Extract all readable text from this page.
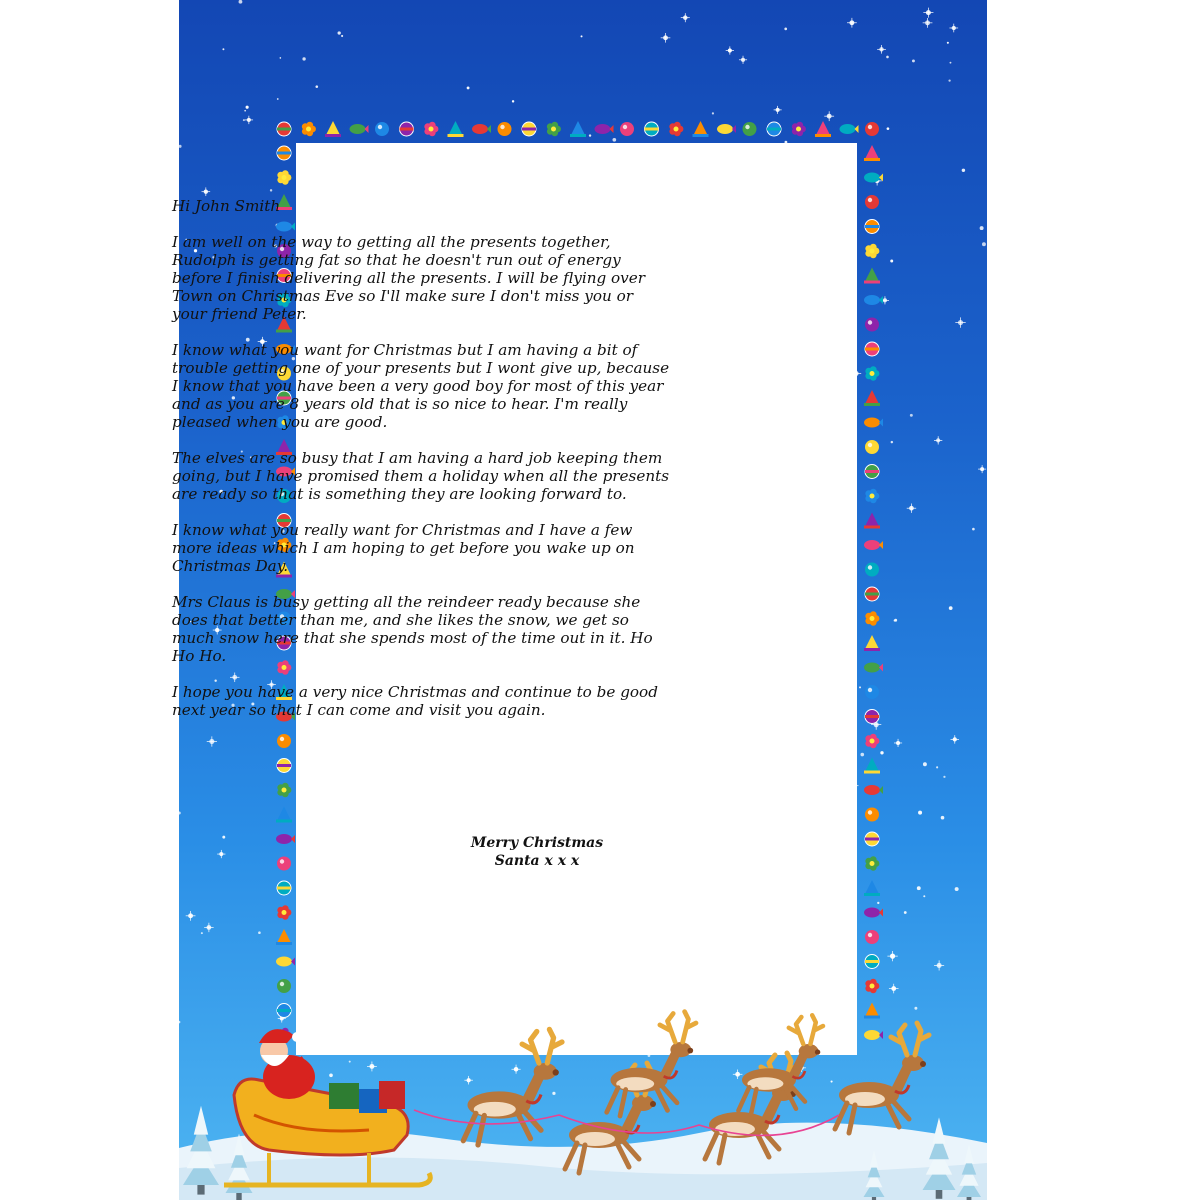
Hi John Smith

I am well on the way to getting all the presents together, Rudolph is getting fat so that he doesn't run out of energy before I finish delivering all the presents. I will be flying over Town on Christmas Eve so I'll make sure I don't miss you or your friend Peter.

I know what you want for Christmas but I am having a bit of trouble getting one of your presents but I wont give up, because I know that you have been a very good boy for most of this year and as you are 8 years old that is so nice to hear. I'm really pleased when you are good.

The elves are so busy that I am having a hard job keeping them going, but I have promised them a holiday when all the presents are ready so that is something they are looking forward to.

I know what you really want for Christmas and I have a few more ideas which I am hoping to get before you wake up on Christmas Day.

Mrs Claus is busy getting all the reindeer ready because she does that better than me, and she likes the snow, we get so much snow here that she spends most of the time out in it. Ho Ho Ho.

I hope you have a very nice Christmas and continue to be good next year so that I can come and visit you again.

Merry Christmas
Santa x x x
